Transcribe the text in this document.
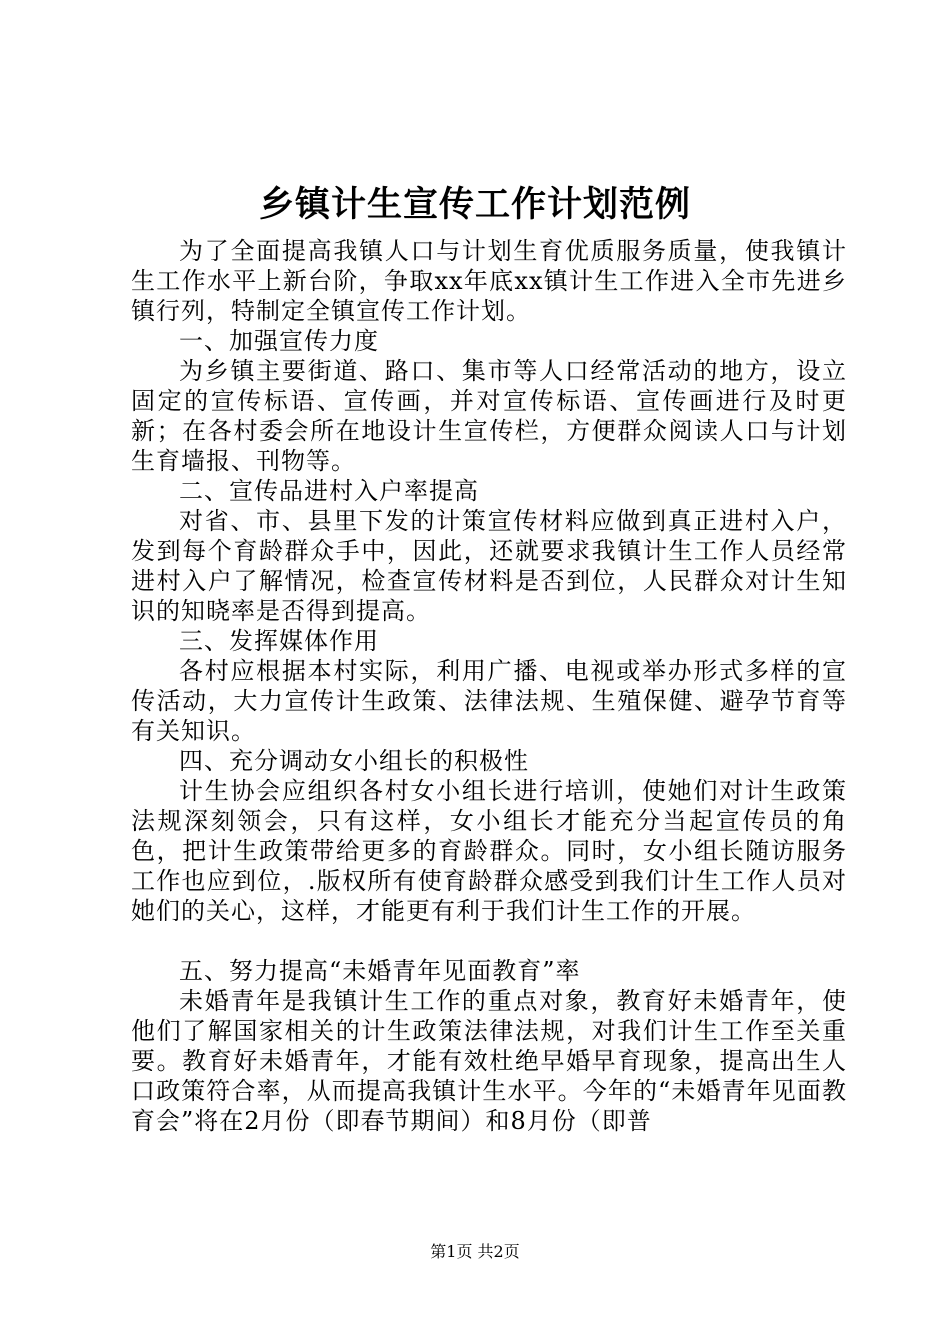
乡镇计生宣传工作计划范例

为了全面提高我镇人口与计划生育优质服务质量，使我镇计生工作水平上新台阶，争取xx年底xx镇计生工作进入全市先进乡镇行列，特制定全镇宣传工作计划。

一、加强宣传力度

为乡镇主要街道、路口、集市等人口经常活动的地方，设立固定的宣传标语、宣传画，并对宣传标语、宣传画进行及时更新；在各村委会所在地设计生宣传栏，方便群众阅读人口与计划生育墙报、刊物等。

二、宣传品进村入户率提高

对省、市、县里下发的计策宣传材料应做到真正进村入户，发到每个育龄群众手中，因此，还就要求我镇计生工作人员经常进村入户了解情况，检查宣传材料是否到位，人民群众对计生知识的知晓率是否得到提高。

三、发挥媒体作用

各村应根据本村实际，利用广播、电视或举办形式多样的宣传活动，大力宣传计生政策、法律法规、生殖保健、避孕节育等有关知识。

四、充分调动女小组长的积极性

计生协会应组织各村女小组长进行培训，使她们对计生政策法规深刻领会，只有这样，女小组长才能充分当起宣传员的角色，把计生政策带给更多的育龄群众。同时，女小组长随访服务工作也应到位，.版权所有使育龄群众感受到我们计生工作人员对她们的关心，这样，才能更有利于我们计生工作的开展。

五、努力提高“未婚青年见面教育”率

未婚青年是我镇计生工作的重点对象，教育好未婚青年，使他们了解国家相关的计生政策法律法规，对我们计生工作至关重要。教育好未婚青年，才能有效杜绝早婚早育现象，提高出生人口政策符合率，从而提高我镇计生水平。今年的“未婚青年见面教育会”将在2月份（即春节期间）和8月份（即普

第1页 共2页
